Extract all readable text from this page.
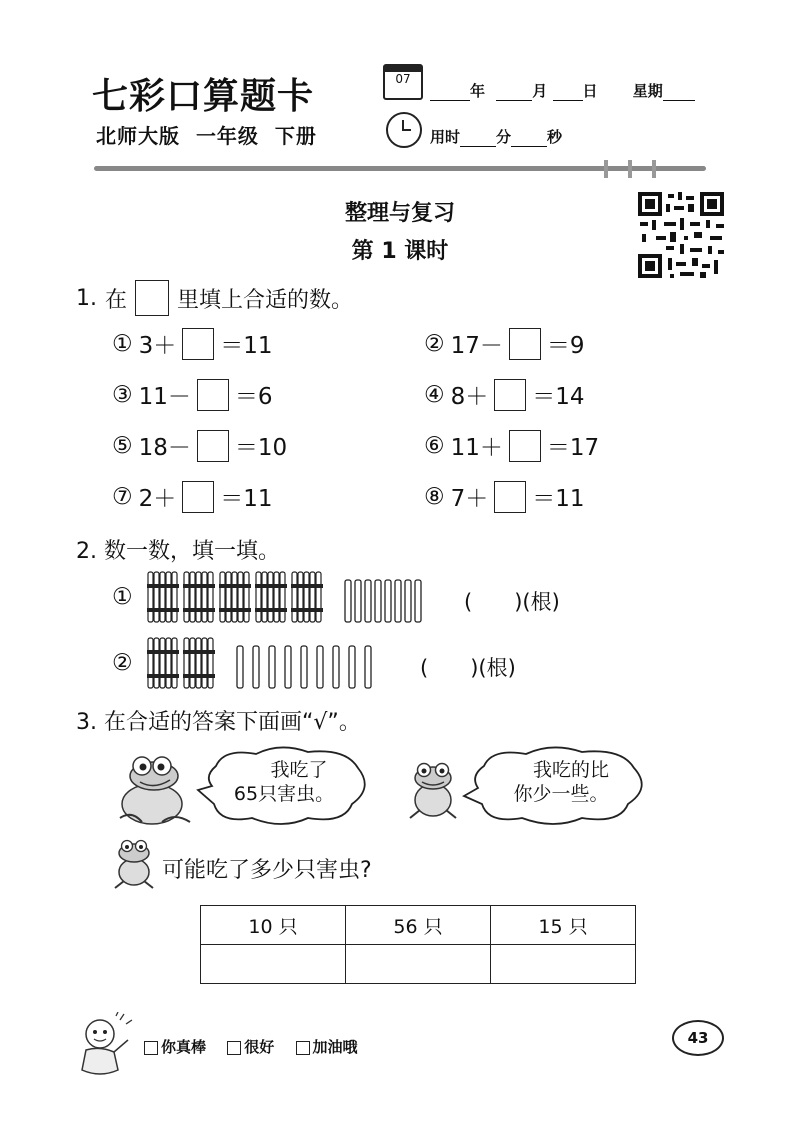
七彩口算题卡	07
年	月 日 星期
北师大版 一年级 下册	用时 分 秒
整理与复习
第 1 课时
1. 在 里填上合适的数。
① 3＋ ＝11	② 17－ ＝9
③ 11－ ＝6	④ 8＋ ＝14
⑤ 18－ ＝10	⑥ 11＋ ＝17
⑦ 2＋ ＝11	⑧ 7＋ ＝11
2. 数一数，填一填。
①	(　　)(根)
②	(　　)(根)
3. 在合适的答案下面画“√”。
我吃了
65只害虫。
我吃的比
你少一些。
可能吃了多少只害虫?
10 只	56 只	15 只

你真棒	很好	加油哦	43
